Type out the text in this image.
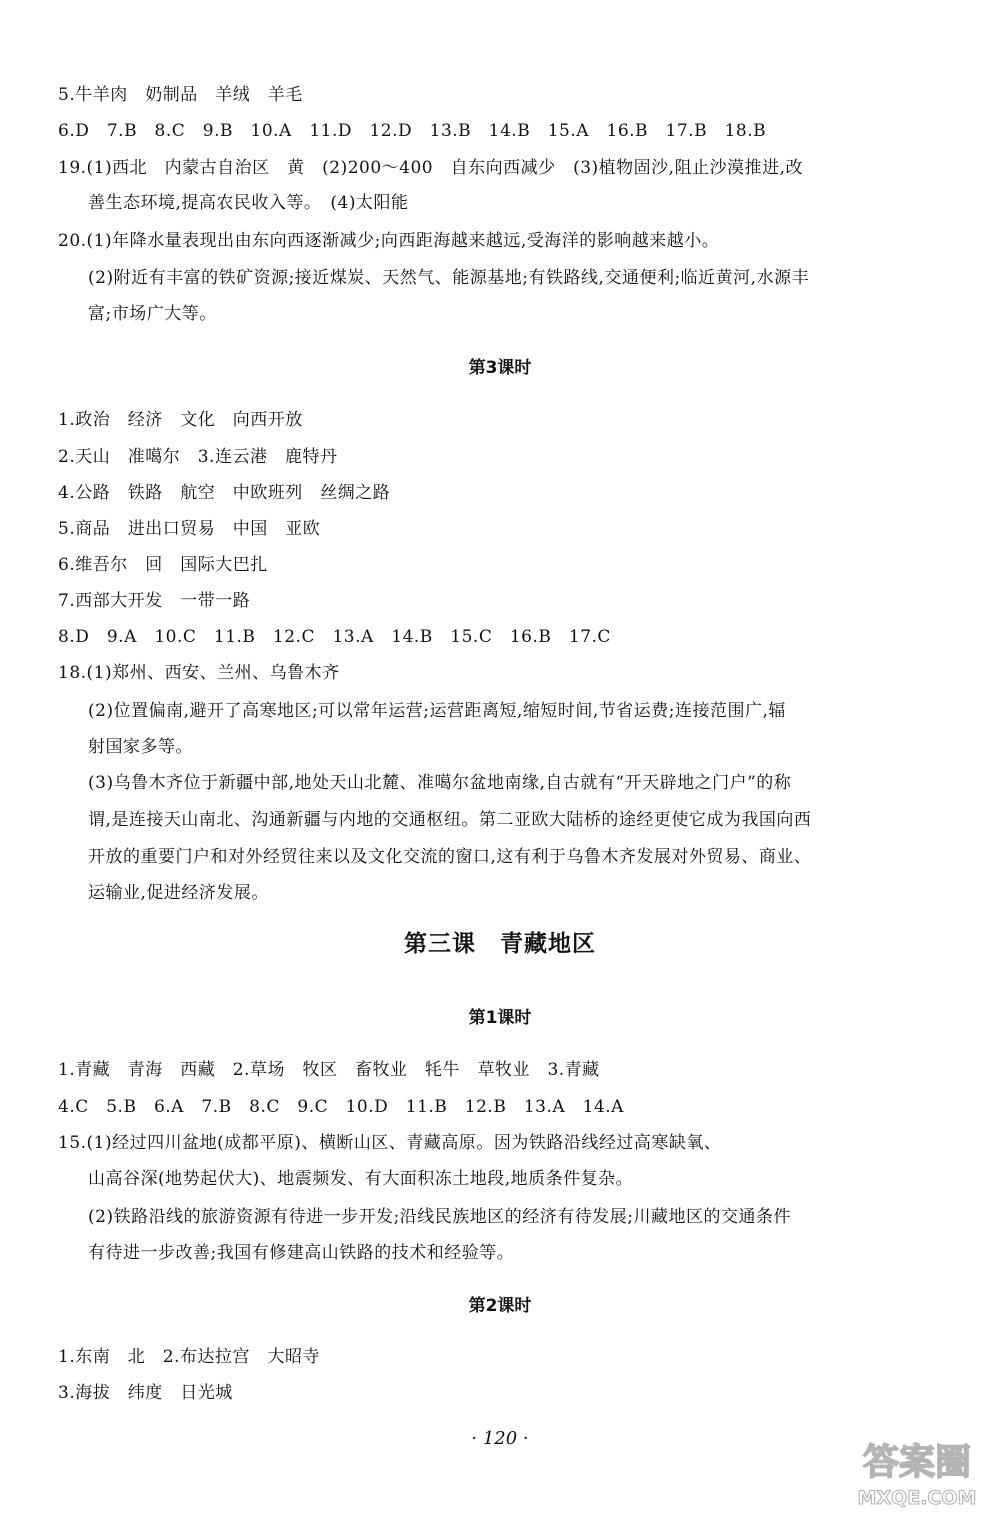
5.牛羊肉　奶制品　羊绒　羊毛
6.D　7.B　8.C　9.B　10.A　11.D　12.D　13.B　14.B　15.A　16.B　17.B　18.B
19.(1)西北　内蒙古自治区　黄　(2)200～400　自东向西减少　(3)植物固沙,阻止沙漠推进,改
善生态环境,提高农民收入等。　(4)太阳能
20.(1)年降水量表现出由东向西逐渐减少;向西距海越来越远,受海洋的影响越来越小。
(2)附近有丰富的铁矿资源;接近煤炭、天然气、能源基地;有铁路线,交通便利;临近黄河,水源丰
富;市场广大等。
第3课时
1.政治　经济　文化　向西开放
2.天山　准噶尔　3.连云港　鹿特丹
4.公路　铁路　航空　中欧班列　丝绸之路
5.商品　进出口贸易　中国　亚欧
6.维吾尔　回　国际大巴扎
7.西部大开发　一带一路
8.D　9.A　10.C　11.B　12.C　13.A　14.B　15.C　16.B　17.C
18.(1)郑州、西安、兰州、乌鲁木齐
(2)位置偏南,避开了高寒地区;可以常年运营;运营距离短,缩短时间,节省运费;连接范围广,辐
射国家多等。
(3)乌鲁木齐位于新疆中部,地处天山北麓、准噶尔盆地南缘,自古就有“开天辟地之门户”的称
谓,是连接天山南北、沟通新疆与内地的交通枢纽。第二亚欧大陆桥的途经更使它成为我国向西
开放的重要门户和对外经贸往来以及文化交流的窗口,这有利于乌鲁木齐发展对外贸易、商业、
运输业,促进经济发展。
第三课　青藏地区
第1课时
1.青藏　青海　西藏　2.草场　牧区　畜牧业　牦牛　草牧业　3.青藏
4.C　5.B　6.A　7.B　8.C　9.C　10.D　11.B　12.B　13.A　14.A
15.(1)经过四川盆地(成都平原)、横断山区、青藏高原。因为铁路沿线经过高寒缺氧、
山高谷深(地势起伏大)、地震频发、有大面积冻土地段,地质条件复杂。
(2)铁路沿线的旅游资源有待进一步开发;沿线民族地区的经济有待发展;川藏地区的交通条件
有待进一步改善;我国有修建高山铁路的技术和经验等。
第2课时
1.东南　北　2.布达拉宫　大昭寺
3.海拔　纬度　日光城
· 120 ·
答案圈
MXQE.COM
